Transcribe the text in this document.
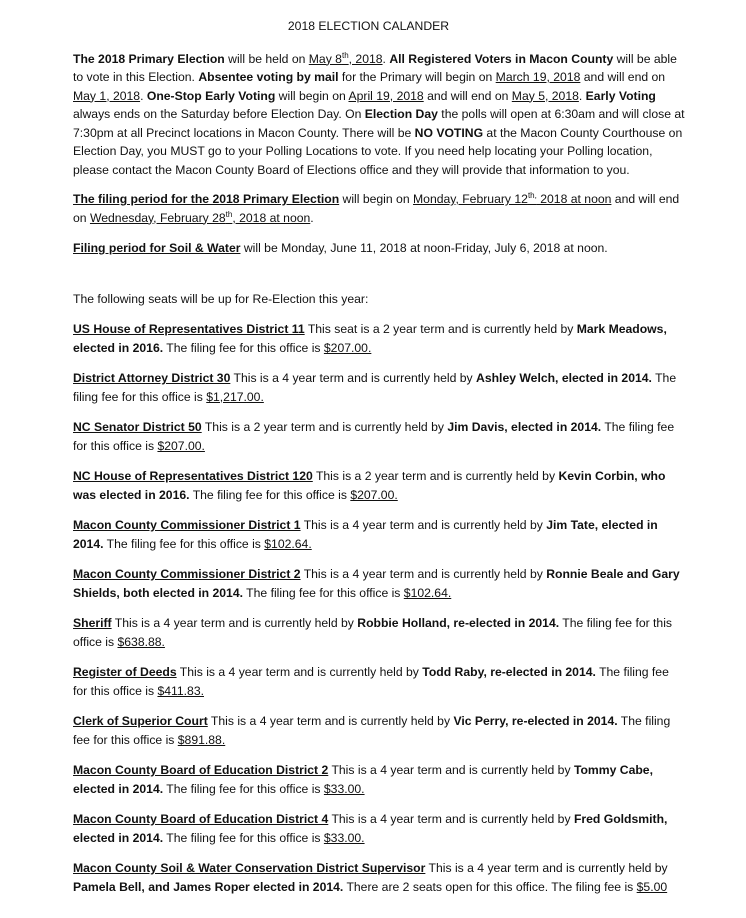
2018 ELECTION CALANDER

The 2018 Primary Election will be held on May 8th, 2018. All Registered Voters in Macon County will be able to vote in this Election. Absentee voting by mail for the Primary will begin on March 19, 2018 and will end on May 1, 2018. One-Stop Early Voting will begin on April 19, 2018 and will end on May 5, 2018. Early Voting always ends on the Saturday before Election Day. On Election Day the polls will open at 6:30am and will close at 7:30pm at all Precinct locations in Macon County. There will be NO VOTING at the Macon County Courthouse on Election Day, you MUST go to your Polling Locations to vote. If you need help locating your Polling location, please contact the Macon County Board of Elections office and they will provide that information to you.

The filing period for the 2018 Primary Election will begin on Monday, February $12^{th,}$ 2018 at noon and will end on Wednesday, February 28th, 2018 at noon.

Filing period for Soil & Water will be Monday, June 11, 2018 at noon-Friday, July 6, 2018 at noon.

The following seats will be up for Re-Election this year:

US House of Representatives District 11 This seat is a 2 year term and is currently held by Mark Meadows, elected in 2016. The filing fee for this office is $207.00.

District Attorney District 30 This is a 4 year term and is currently held by Ashley Welch, elected in 2014. The filing fee for this office is $1,217.00.

NC Senator District 50 This is a 2 year term and is currently held by Jim Davis, elected in 2014. The filing fee for this office is $207.00.

NC House of Representatives District 120 This is a 2 year term and is currently held by Kevin Corbin, who was elected in 2016. The filing fee for this office is $207.00.

Macon County Commissioner District 1 This is a 4 year term and is currently held by Jim Tate, elected in 2014. The filing fee for this office is $102.64.

Macon County Commissioner District 2 This is a 4 year term and is currently held by Ronnie Beale and Gary Shields, both elected in 2014. The filing fee for this office is $102.64.

Sheriff This is a 4 year term and is currently held by Robbie Holland, re-elected in 2014. The filing fee for this office is $638.88.

Register of Deeds This is a 4 year term and is currently held by Todd Raby, re-elected in 2014. The filing fee for this office is $411.83.

Clerk of Superior Court This is a 4 year term and is currently held by Vic Perry, re-elected in 2014. The filing fee for this office is $891.88.

Macon County Board of Education District 2 This is a 4 year term and is currently held by Tommy Cabe, elected in 2014. The filing fee for this office is $33.00.

Macon County Board of Education District 4 This is a 4 year term and is currently held by Fred Goldsmith, elected in 2014. The filing fee for this office is $33.00.

Macon County Soil & Water Conservation District Supervisor This is a 4 year term and is currently held by Pamela Bell, and James Roper elected in 2014. There are 2 seats open for this office. The filing fee is $5.00
